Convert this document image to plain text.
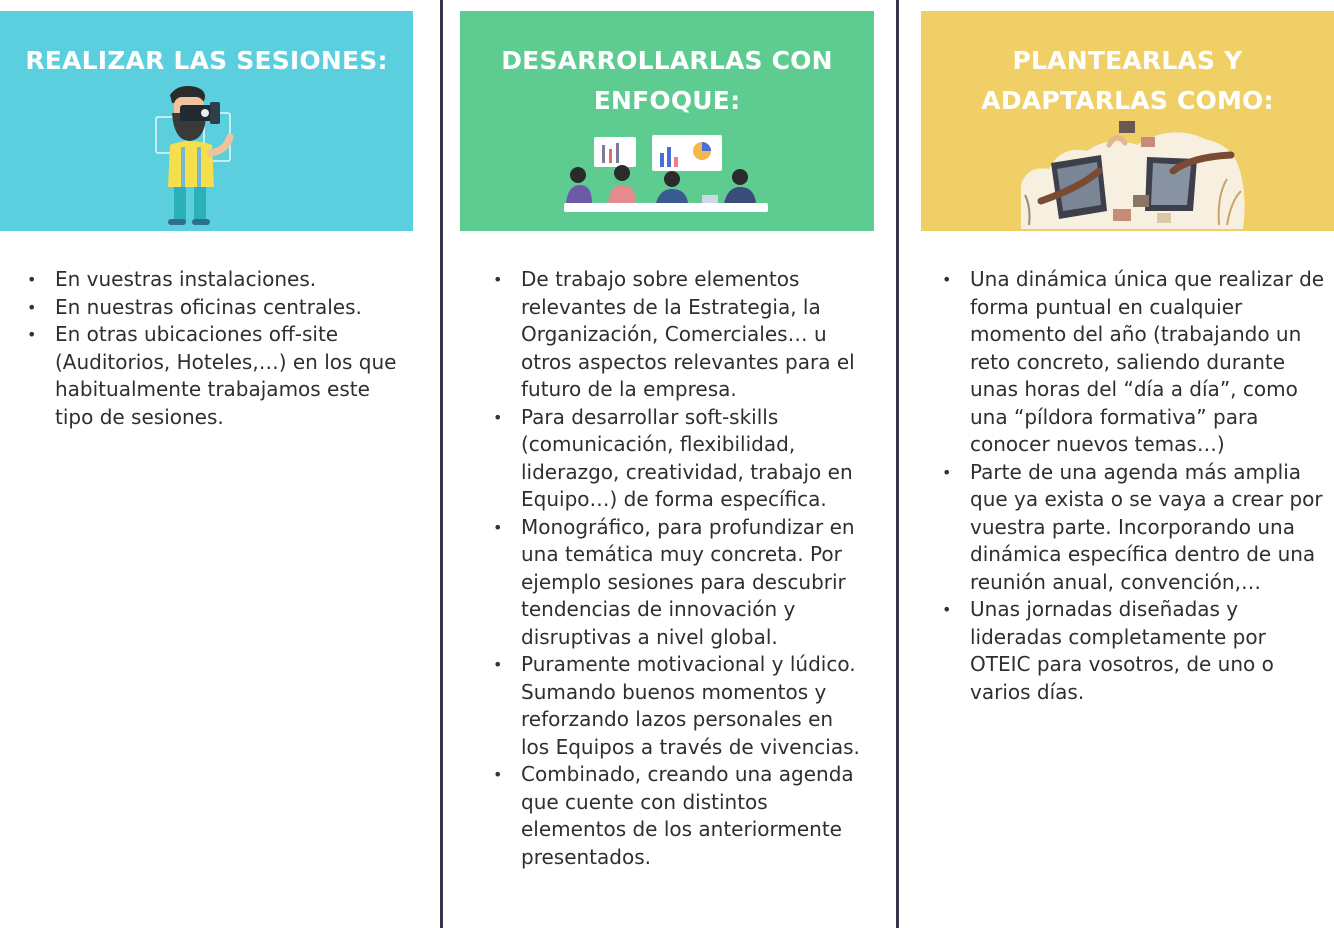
REALIZAR LAS SESIONES:
• En vuestras instalaciones.
• En nuestras oficinas centrales.
• En otras ubicaciones off-site (Auditorios, Hoteles,…) en los que habitualmente trabajamos este tipo de sesiones.
DESARROLLARLAS CON
ENFOQUE:
• De trabajo sobre elementos relevantes de la Estrategia, la Organización, Comerciales… u otros aspectos relevantes para el futuro de la empresa.
• Para desarrollar soft-skills (comunicación, flexibilidad, liderazgo, creatividad, trabajo en Equipo…) de forma específica.
• Monográfico, para profundizar en una temática muy concreta. Por ejemplo sesiones para descubrir tendencias de innovación y disruptivas a nivel global.
• Puramente motivacional y lúdico. Sumando buenos momentos y reforzando lazos personales en los Equipos a través de vivencias.
• Combinado, creando una agenda que cuente con distintos elementos de los anteriormente presentados.
PLANTEARLAS Y
ADAPTARLAS COMO:
• Una dinámica única que realizar de forma puntual en cualquier momento del año (trabajando un reto concreto, saliendo durante unas horas del “día a día”, como una “píldora formativa” para conocer nuevos temas…)
• Parte de una agenda más amplia que ya exista o se vaya a crear por vuestra parte. Incorporando una dinámica específica dentro de una reunión anual, convención,…
• Unas jornadas diseñadas y lideradas completamente por OTEIC para vosotros, de uno o varios días.
